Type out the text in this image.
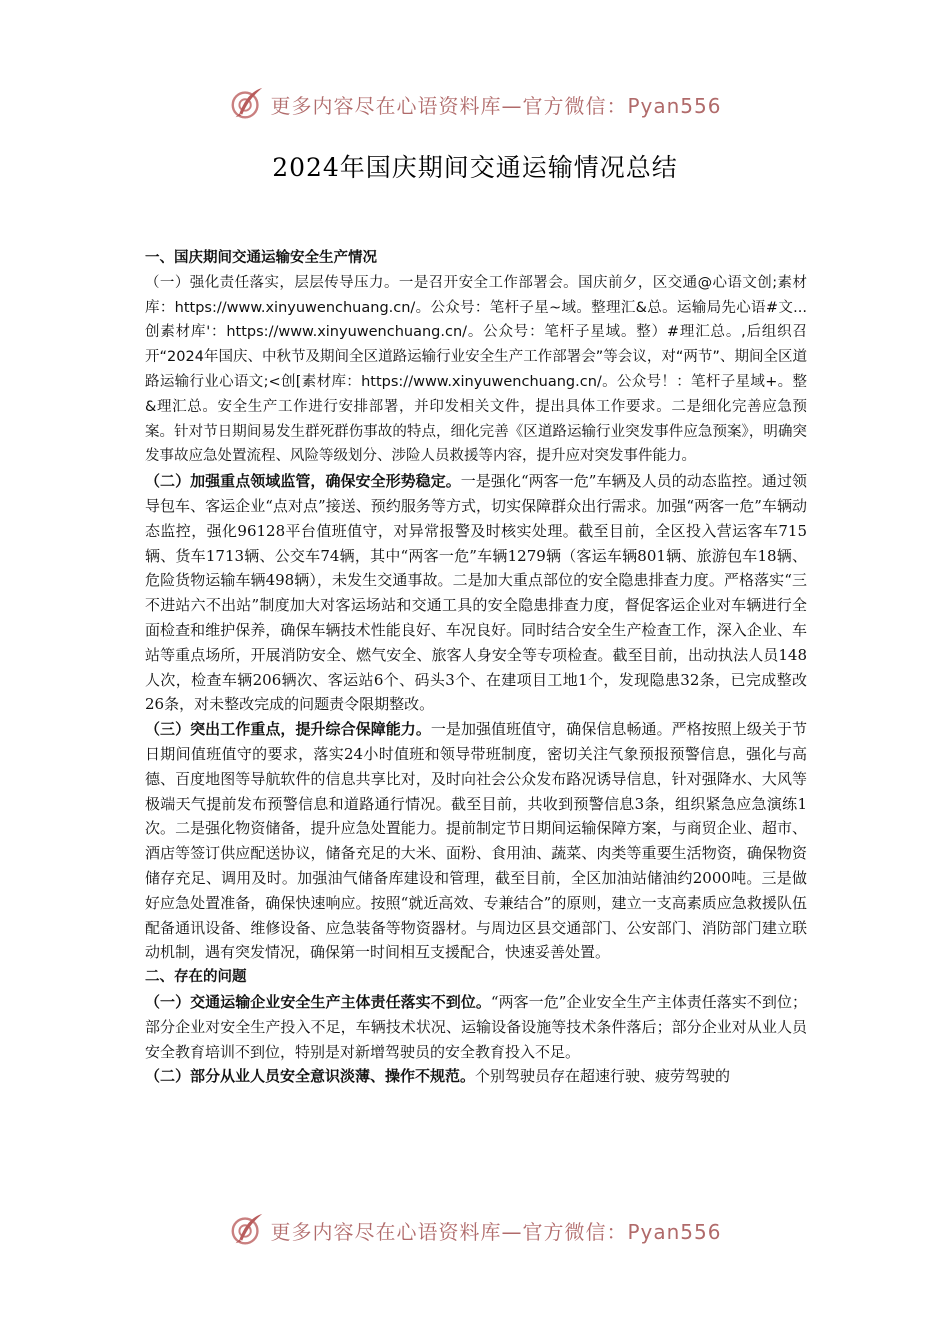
更多内容尽在心语资料库—官方微信：Pyan556
2024年国庆期间交通运输情况总结

一、国庆期间交通运输安全生产情况

（一）强化责任落实，层层传导压力。一是召开安全工作部署会。国庆前夕，区交通@心语文创;素材库：https://www.xinyuwenchuang.cn/。公众号：笔杆子星~域。整理汇&总。运输局先心语#文...创素材库'：https://www.xinyuwenchuang.cn/。公众号：笔杆子星域。整）#理汇总。,后组织召开“2024年国庆、中秋节及期间全区道路运输行业安全生产工作部署会”等会议，对“两节”、期间全区道路运输行业心语文;<创[素材库：https://www.xinyuwenchuang.cn/。公众号！：笔杆子星域+。整&理汇总。安全生产工作进行安排部署，并印发相关文件，提出具体工作要求。二是细化完善应急预案。针对节日期间易发生群死群伤事故的特点，细化完善《区道路运输行业突发事件应急预案》，明确突发事故应急处置流程、风险等级划分、涉险人员救援等内容，提升应对突发事件能力。

（二）加强重点领域监管，确保安全形势稳定。一是强化“两客一危”车辆及人员的动态监控。通过领导包车、客运企业“点对点”接送、预约服务等方式，切实保障群众出行需求。加强“两客一危”车辆动态监控，强化96128平台值班值守，对异常报警及时核实处理。截至目前，全区投入营运客车715辆、货车1713辆、公交车74辆，其中“两客一危”车辆1279辆（客运车辆801辆、旅游包车18辆、危险货物运输车辆498辆），未发生交通事故。二是加大重点部位的安全隐患排查力度。严格落实“三不进站六不出站”制度加大对客运场站和交通工具的安全隐患排查力度，督促客运企业对车辆进行全面检查和维护保养，确保车辆技术性能良好、车况良好。同时结合安全生产检查工作，深入企业、车站等重点场所，开展消防安全、燃气安全、旅客人身安全等专项检查。截至目前，出动执法人员148人次，检查车辆206辆次、客运站6个、码头3个、在建项目工地1个，发现隐患32条，已完成整改26条，对未整改完成的问题责令限期整改。

（三）突出工作重点，提升综合保障能力。一是加强值班值守，确保信息畅通。严格按照上级关于节日期间值班值守的要求，落实24小时值班和领导带班制度，密切关注气象预报预警信息，强化与高德、百度地图等导航软件的信息共享比对，及时向社会公众发布路况诱导信息，针对强降水、大风等极端天气提前发布预警信息和道路通行情况。截至目前，共收到预警信息3条，组织紧急应急演练1次。二是强化物资储备，提升应急处置能力。提前制定节日期间运输保障方案，与商贸企业、超市、酒店等签订供应配送协议，储备充足的大米、面粉、食用油、蔬菜、肉类等重要生活物资，确保物资储存充足、调用及时。加强油气储备库建设和管理，截至目前，全区加油站储油约2000吨。三是做好应急处置准备，确保快速响应。按照“就近高效、专兼结合”的原则，建立一支高素质应急救援队伍配备通讯设备、维修设备、应急装备等物资器材。与周边区县交通部门、公安部门、消防部门建立联动机制，遇有突发情况，确保第一时间相互支援配合，快速妥善处置。

二、存在的问题

（一）交通运输企业安全生产主体责任落实不到位。“两客一危”企业安全生产主体责任落实不到位；部分企业对安全生产投入不足，车辆技术状况、运输设备设施等技术条件落后；部分企业对从业人员安全教育培训不到位，特别是对新增驾驶员的安全教育投入不足。

（二）部分从业人员安全意识淡薄、操作不规范。个别驾驶员存在超速行驶、疲劳驾驶的

更多内容尽在心语资料库—官方微信：Pyan556
